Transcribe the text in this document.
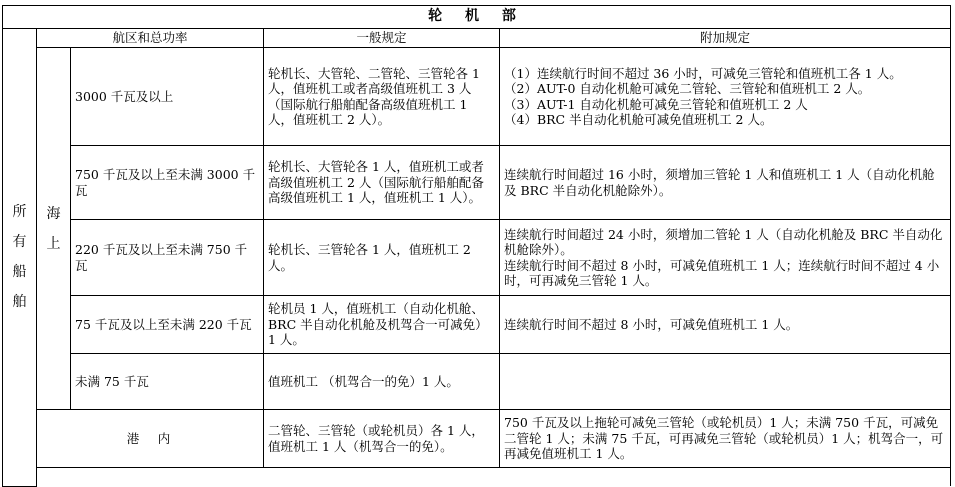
轮 机 部				

所
有
船
舶	航区和总功率		一般规定	附加规定

	海
上	3000 千瓦及以上	轮机长、大管轮、二管轮、三管轮各 1 人，值班机工或者高级值班机工 3 人（国际航行船舶配备高级值班机工 1 人，值班机工 2 人）。	（1）连续航行时间不超过 36 小时，可减免三管轮和值班机工各 1 人。
（2）AUT-0 自动化机舱可减免二管轮、三管轮和值班机工 2 人。
（3）AUT-1 自动化机舱可减免三管轮和值班机工 2 人
（4）BRC 半自动化机舱可减免值班机工 2 人。
		750 千瓦及以上至未满 3000 千瓦	轮机长、大管轮各 1 人，值班机工或者高级值班机工 2 人（国际航行船舶配备高级值班机工 1 人，值班机工 1 人）。	连续航行时间超过 16 小时，须增加三管轮 1 人和值班机工 1 人（自动化机舱及 BRC 半自动化机舱除外）。
		220 千瓦及以上至未满 750 千瓦	轮机长、三管轮各 1 人，值班机工 2 人。	连续航行时间超过 24 小时，须增加二管轮 1 人（自动化机舱及 BRC 半自动化机舱除外）。
连续航行时间不超过 8 小时，可减免值班机工 1 人；连续航行时间不超过 4 小时，可再减免三管轮 1 人。
		75 千瓦及以上至未满 220 千瓦	轮机员 1 人，值班机工（自动化机舱、BRC 半自动化机舱及机驾合一可减免）1 人。	连续航行时间不超过 8 小时，可减免值班机工 1 人。
		未满 75 千瓦	值班机工 （机驾合一的免）1 人。	
	港　内		二管轮、三管轮（或轮机员）各 1 人，值班机工 1 人（机驾合一的免）。	750 千瓦及以上拖轮可减免三管轮（或轮机员）1 人；未满 750 千瓦，可减免二管轮 1 人；未满 75 千瓦，可再减免三管轮（或轮机员）1 人；机驾合一，可再减免值班机工 1 人。
